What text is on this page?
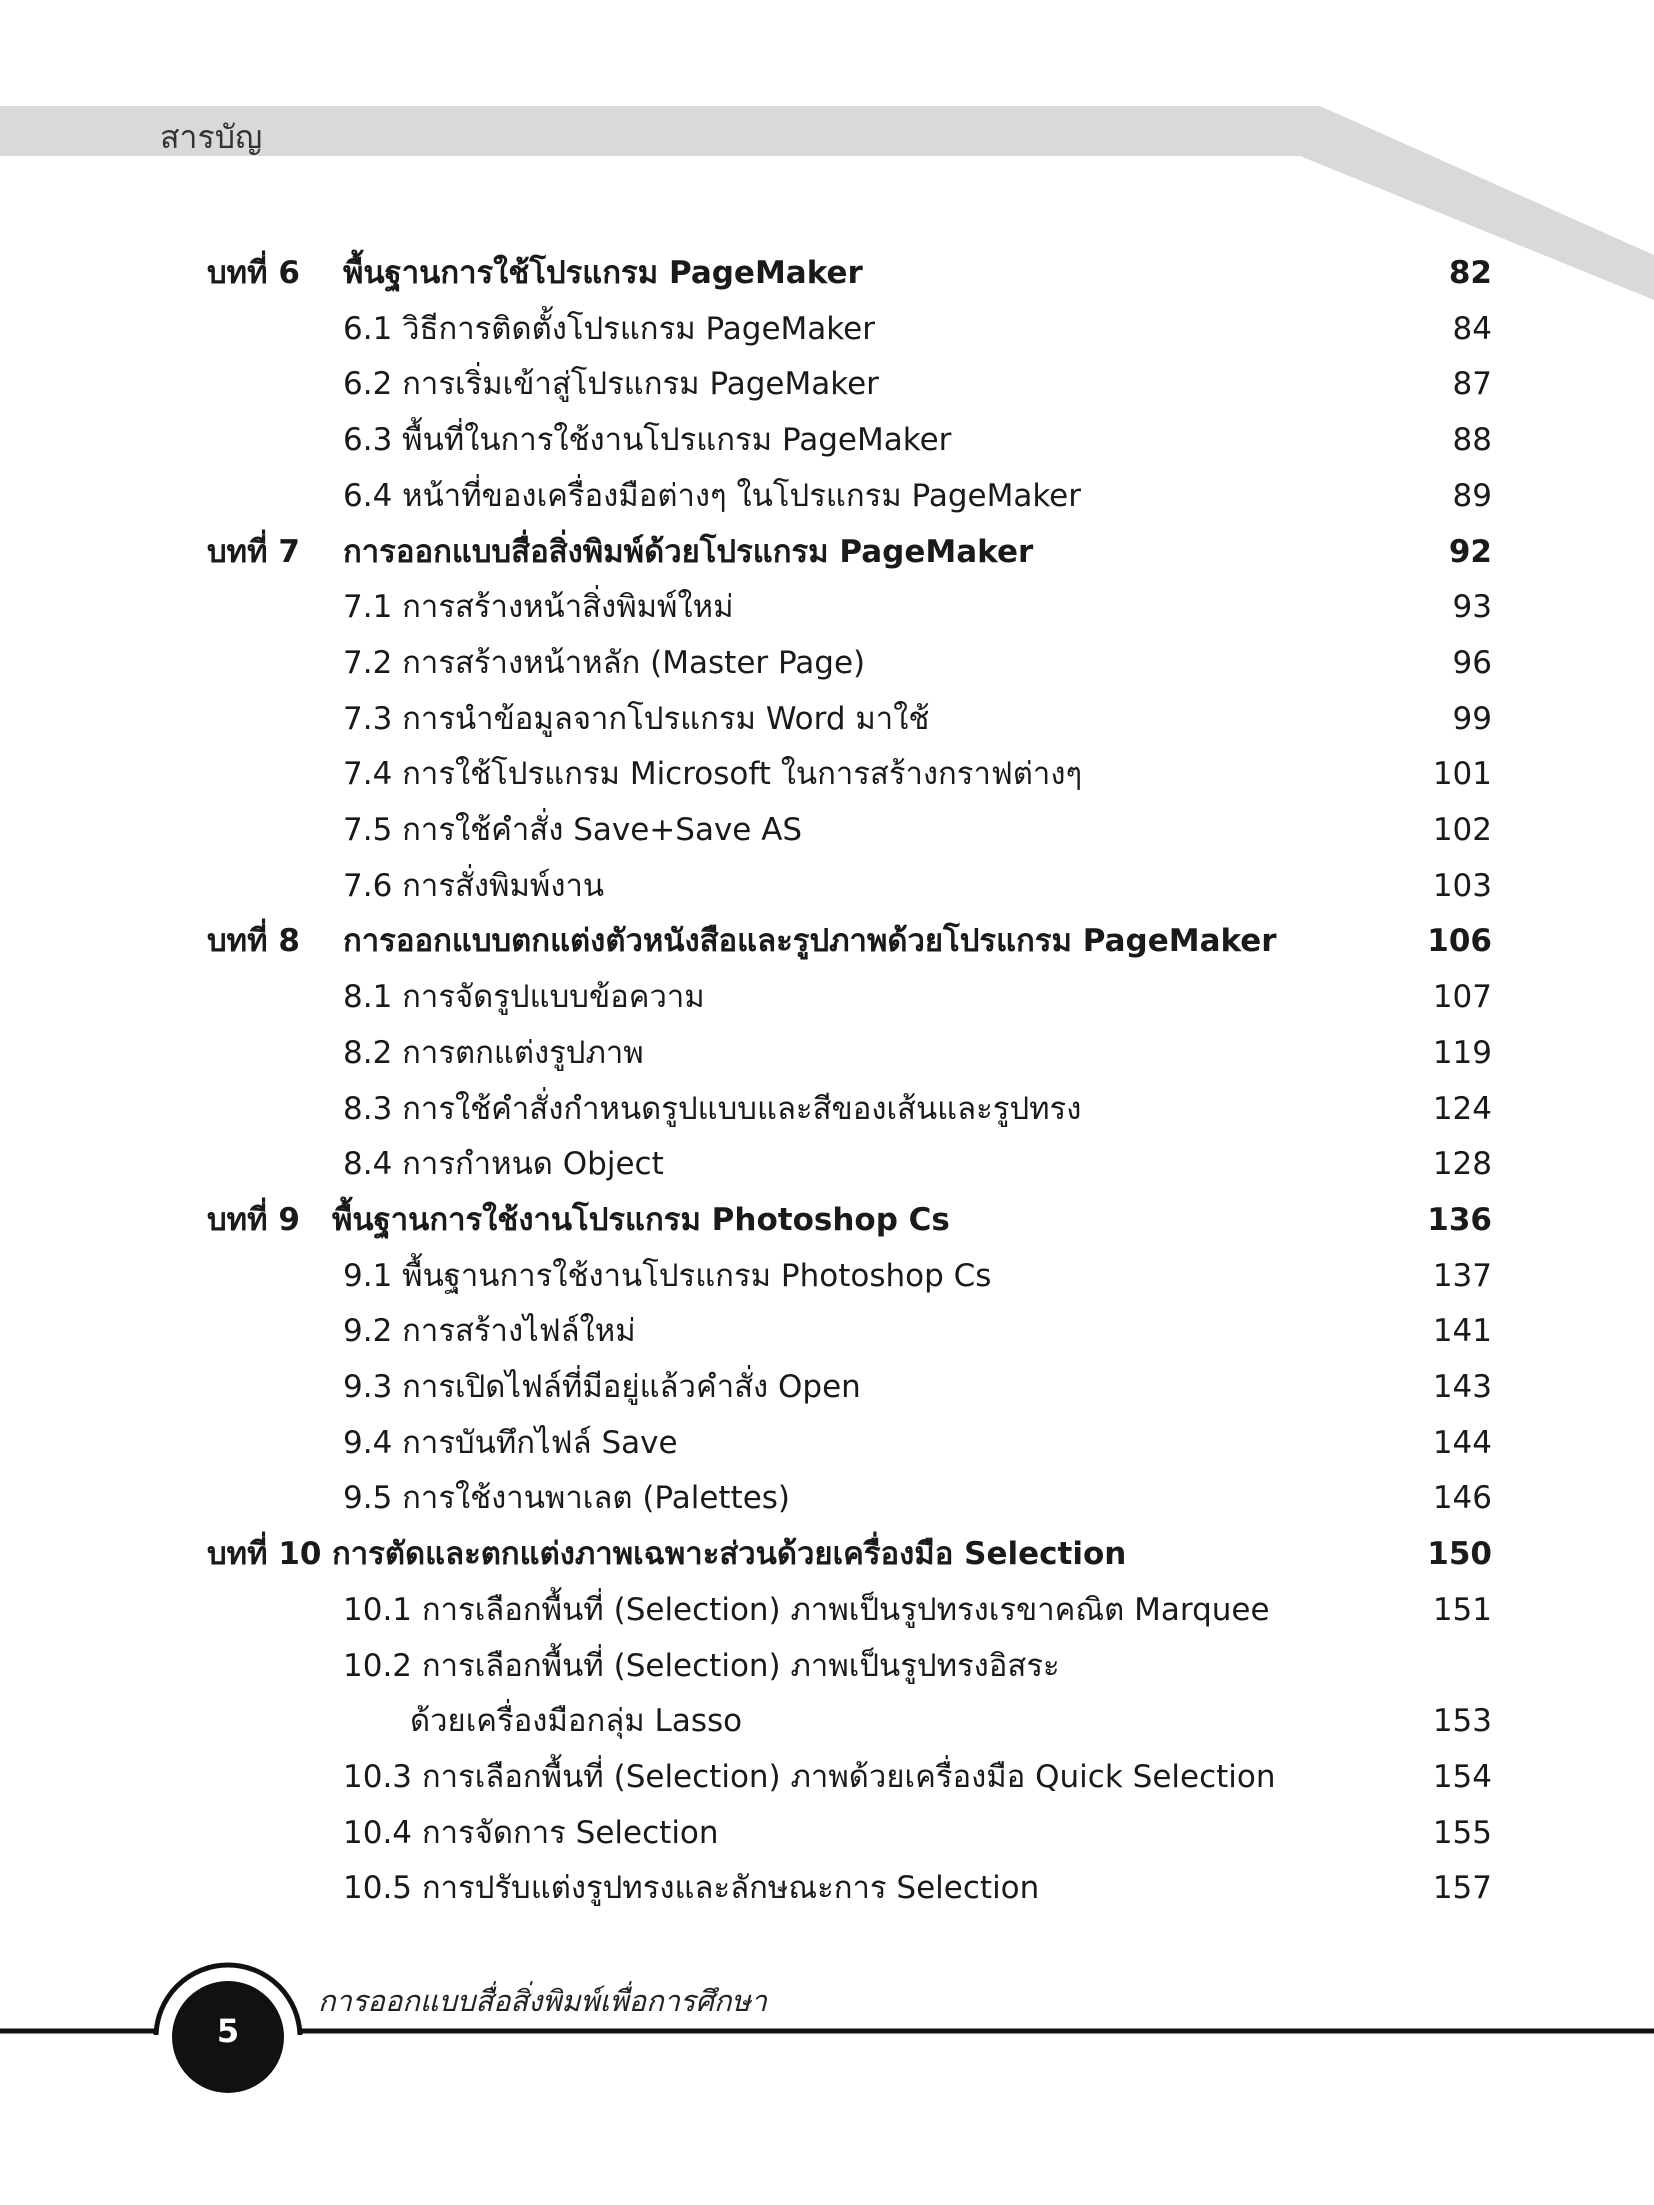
สารบัญ
บทที่ 6 พื้นฐานการใช้โปรแกรม PageMaker	82
6.1 วิธีการติดตั้งโปรแกรม PageMaker	84
6.2 การเริ่มเข้าสู่โปรแกรม PageMaker	87
6.3 พื้นที่ในการใช้งานโปรแกรม PageMaker	88
6.4 หน้าที่ของเครื่องมือต่างๆ ในโปรแกรม PageMaker	89
บทที่ 7 การออกแบบสื่อสิ่งพิมพ์ด้วยโปรแกรม PageMaker	92
7.1 การสร้างหน้าสิ่งพิมพ์ใหม่	93
7.2 การสร้างหน้าหลัก (Master Page)	96
7.3 การนำข้อมูลจากโปรแกรม Word มาใช้	99
7.4 การใช้โปรแกรม Microsoft ในการสร้างกราฟต่างๆ	101
7.5 การใช้คำสั่ง Save+Save AS	102
7.6 การสั่งพิมพ์งาน	103
บทที่ 8 การออกแบบตกแต่งตัวหนังสือและรูปภาพด้วยโปรแกรม PageMaker	106
8.1 การจัดรูปแบบข้อความ	107
8.2 การตกแต่งรูปภาพ	119
8.3 การใช้คำสั่งกำหนดรูปแบบและสีของเส้นและรูปทรง	124
8.4 การกำหนด Object	128
บทที่ 9 พื้นฐานการใช้งานโปรแกรม Photoshop Cs	136
9.1 พื้นฐานการใช้งานโปรแกรม Photoshop Cs	137
9.2 การสร้างไฟล์ใหม่	141
9.3 การเปิดไฟล์ที่มีอยู่แล้วคำสั่ง Open	143
9.4 การบันทึกไฟล์ Save	144
9.5 การใช้งานพาเลต (Palettes)	146
บทที่ 10 การตัดและตกแต่งภาพเฉพาะส่วนด้วยเครื่องมือ Selection	150
10.1 การเลือกพื้นที่ (Selection) ภาพเป็นรูปทรงเรขาคณิต Marquee	151
10.2 การเลือกพื้นที่ (Selection) ภาพเป็นรูปทรงอิสระ
ด้วยเครื่องมือกลุ่ม Lasso	153
10.3 การเลือกพื้นที่ (Selection) ภาพด้วยเครื่องมือ Quick Selection	154
10.4 การจัดการ Selection	155
10.5 การปรับแต่งรูปทรงและลักษณะการ Selection	157
การออกแบบสื่อสิ่งพิมพ์เพื่อการศึกษา
5
